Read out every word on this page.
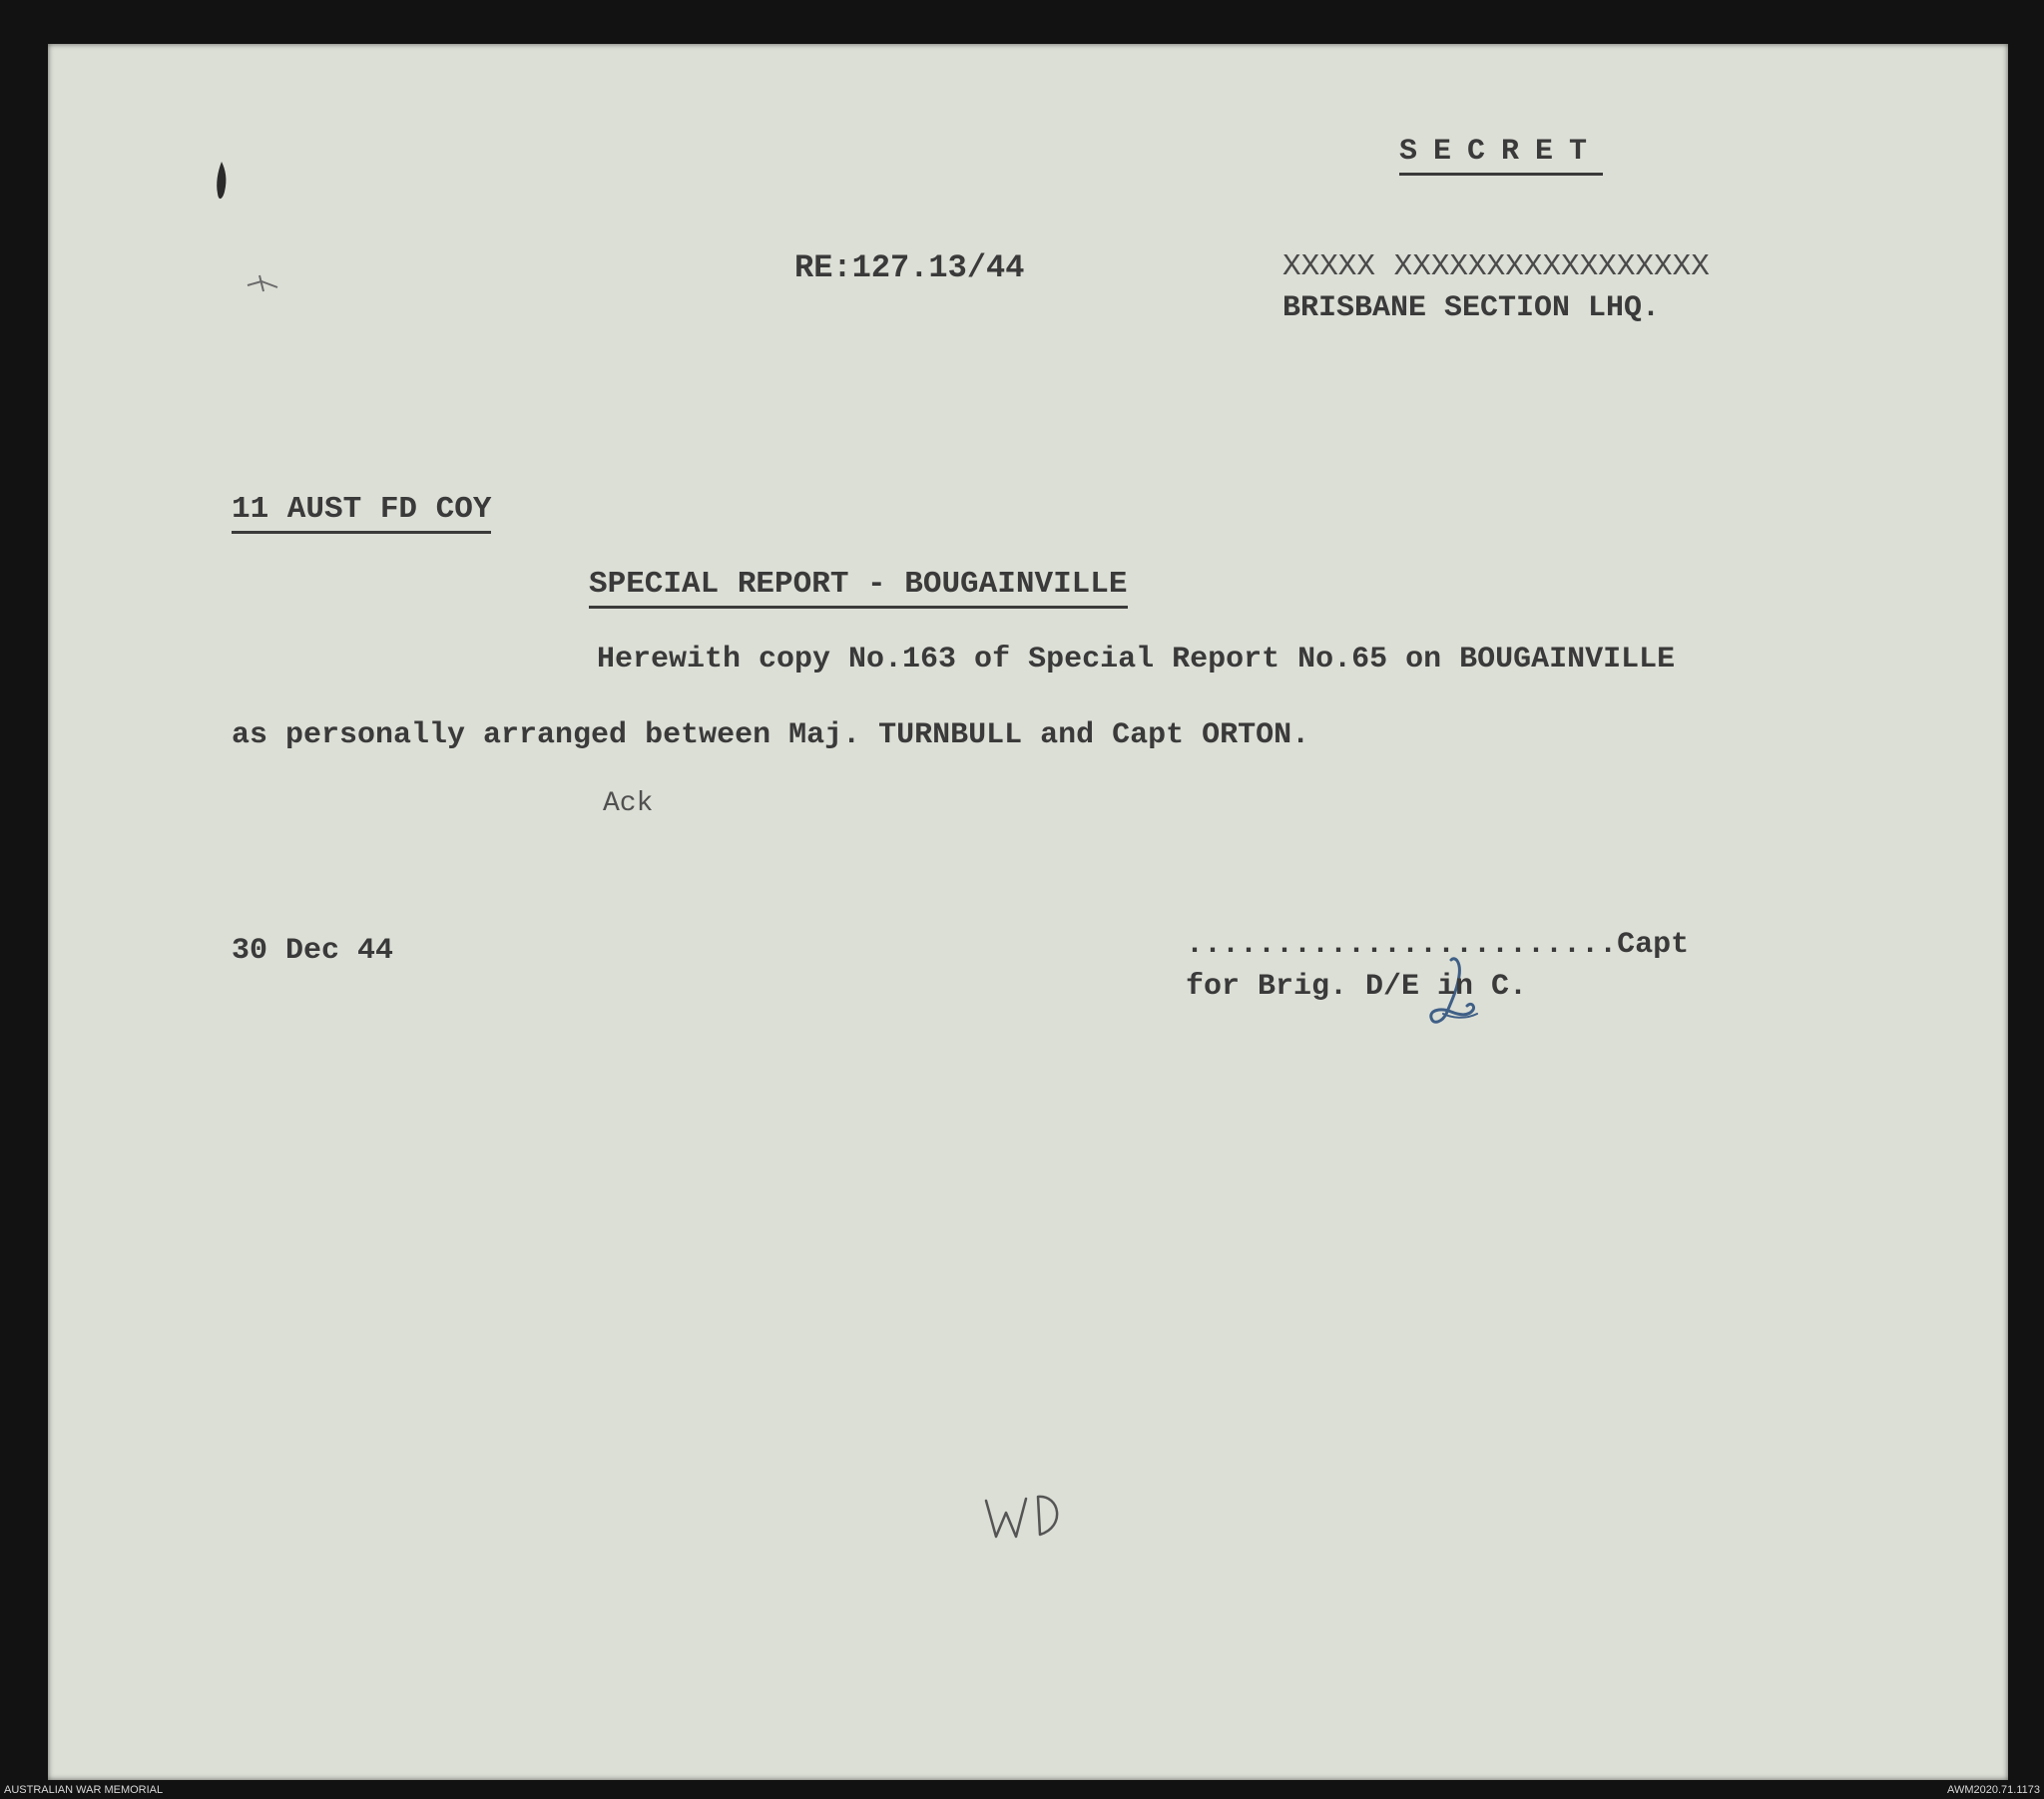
SECRET
RE:127.13/44	XXXXX XXXXXXXXXXXXXXXXX
BRISBANE SECTION LHQ.
11 AUST FD COY
SPECIAL REPORT - BOUGAINVILLE
Herewith copy No.163 of Special Report No.65 on BOUGAINVILLE
as personally arranged between Maj. TURNBULL and Capt ORTON.
Ack
30 Dec 44	........................Capt
for Brig. D/E in C.
AUSTRALIAN WAR MEMORIAL	AWM2020.71.1173
